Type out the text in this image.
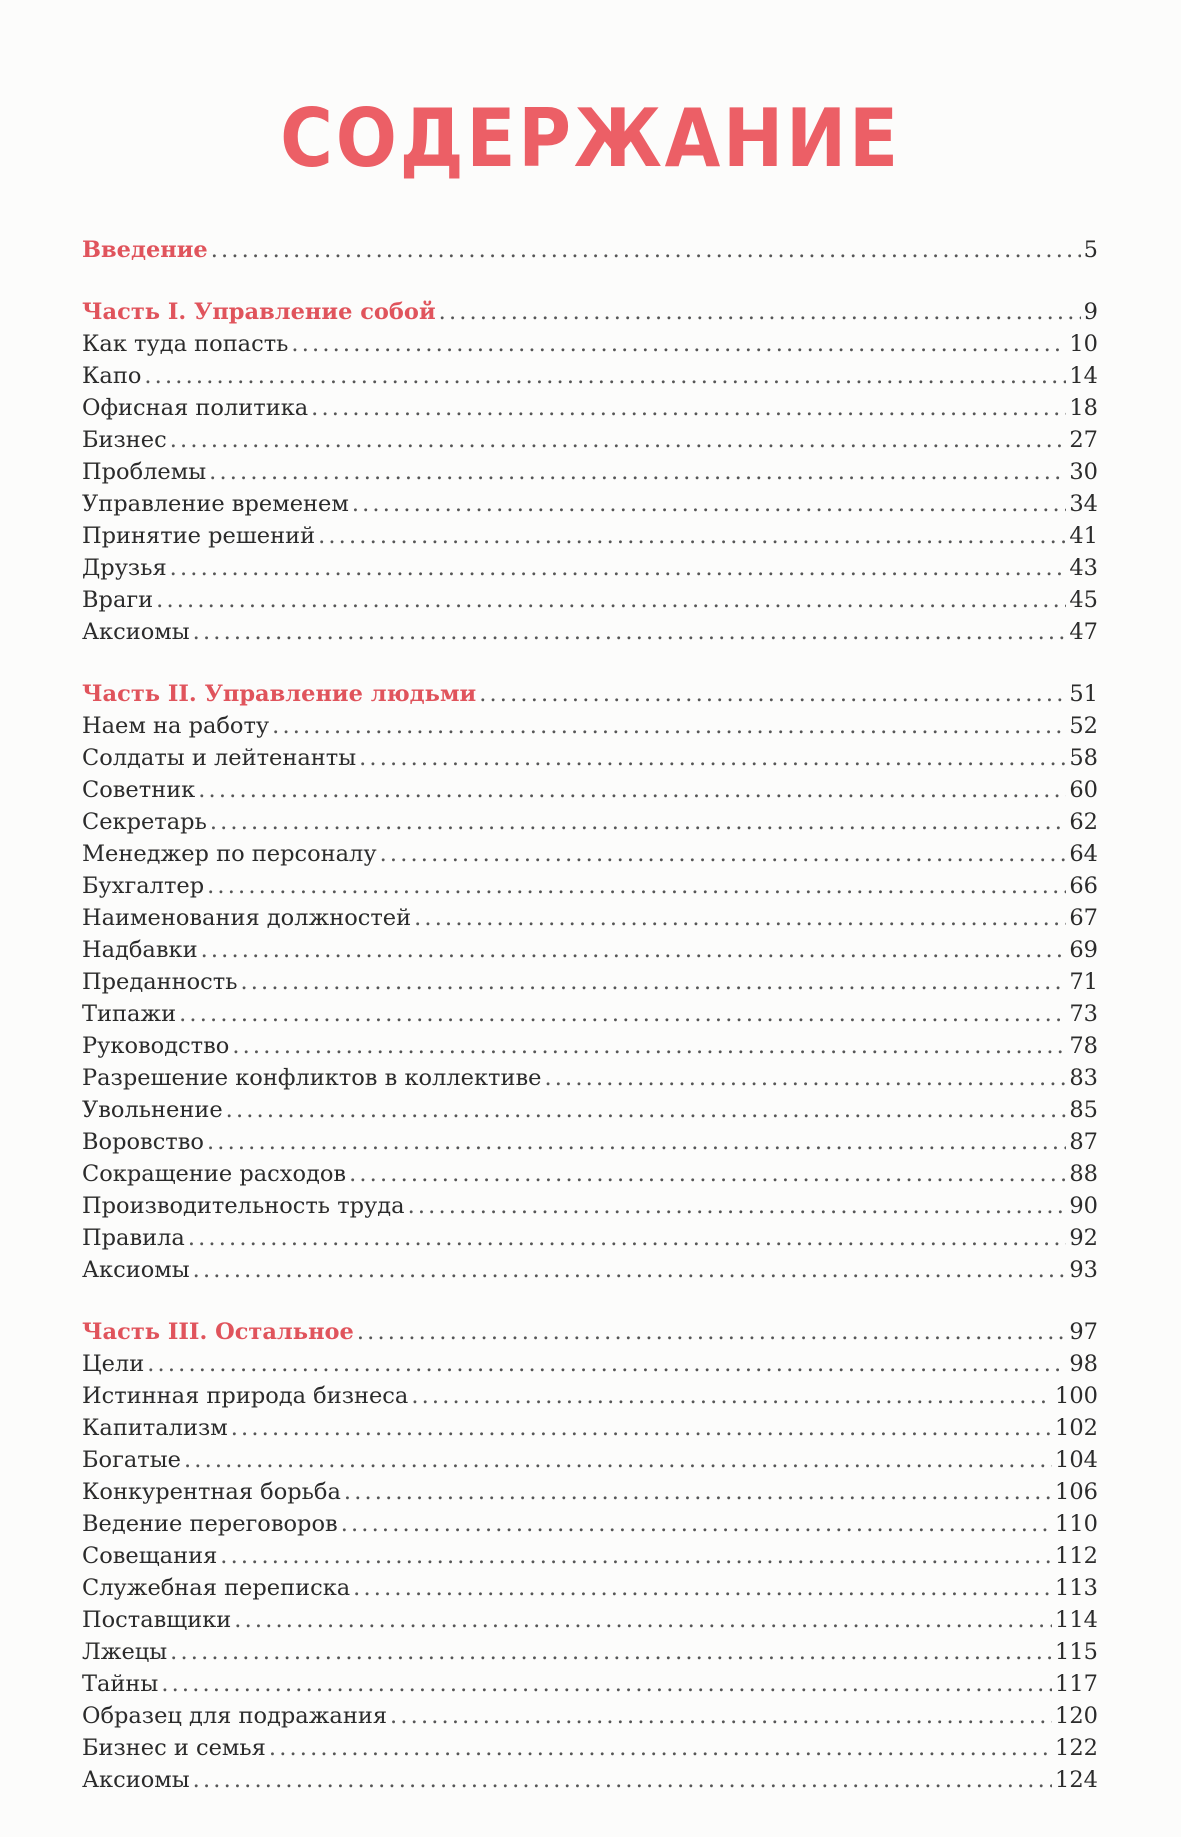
СОДЕРЖАНИЕ
Введение . . .	5
Часть I. Управление собой . . .	9
Как туда попасть . . .	10
Капо . . .	14
Офисная политика . . .	18
Бизнес . . .	27
Проблемы . . .	30
Управление временем . . .	34
Принятие решений . . .	41
Друзья . . .	43
Враги . . .	45
Аксиомы . . .	47
Часть II. Управление людьми . . .	51
Наем на работу . . .	52
Солдаты и лейтенанты . . .	58
Советник . . .	60
Секретарь . . .	62
Менеджер по персоналу . . .	64
Бухгалтер . . .	66
Наименования должностей . . .	67
Надбавки . . .	69
Преданность . . .	71
Типажи . . .	73
Руководство . . .	78
Разрешение конфликтов в коллективе . . .	83
Увольнение . . .	85
Воровство . . .	87
Сокращение расходов . . .	88
Производительность труда . . .	90
Правила . . .	92
Аксиомы . . .	93
Часть III. Остальное . . .	97
Цели . . .	98
Истинная природа бизнеса . . .	100
Капитализм . . .	102
Богатые . . .	104
Конкурентная борьба . . .	106
Ведение переговоров . . .	110
Совещания . . .	112
Служебная переписка . . .	113
Поставщики . . .	114
Лжецы . . .	115
Тайны . . .	117
Образец для подражания . . .	120
Бизнес и семья . . .	122
Аксиомы . . .	124
